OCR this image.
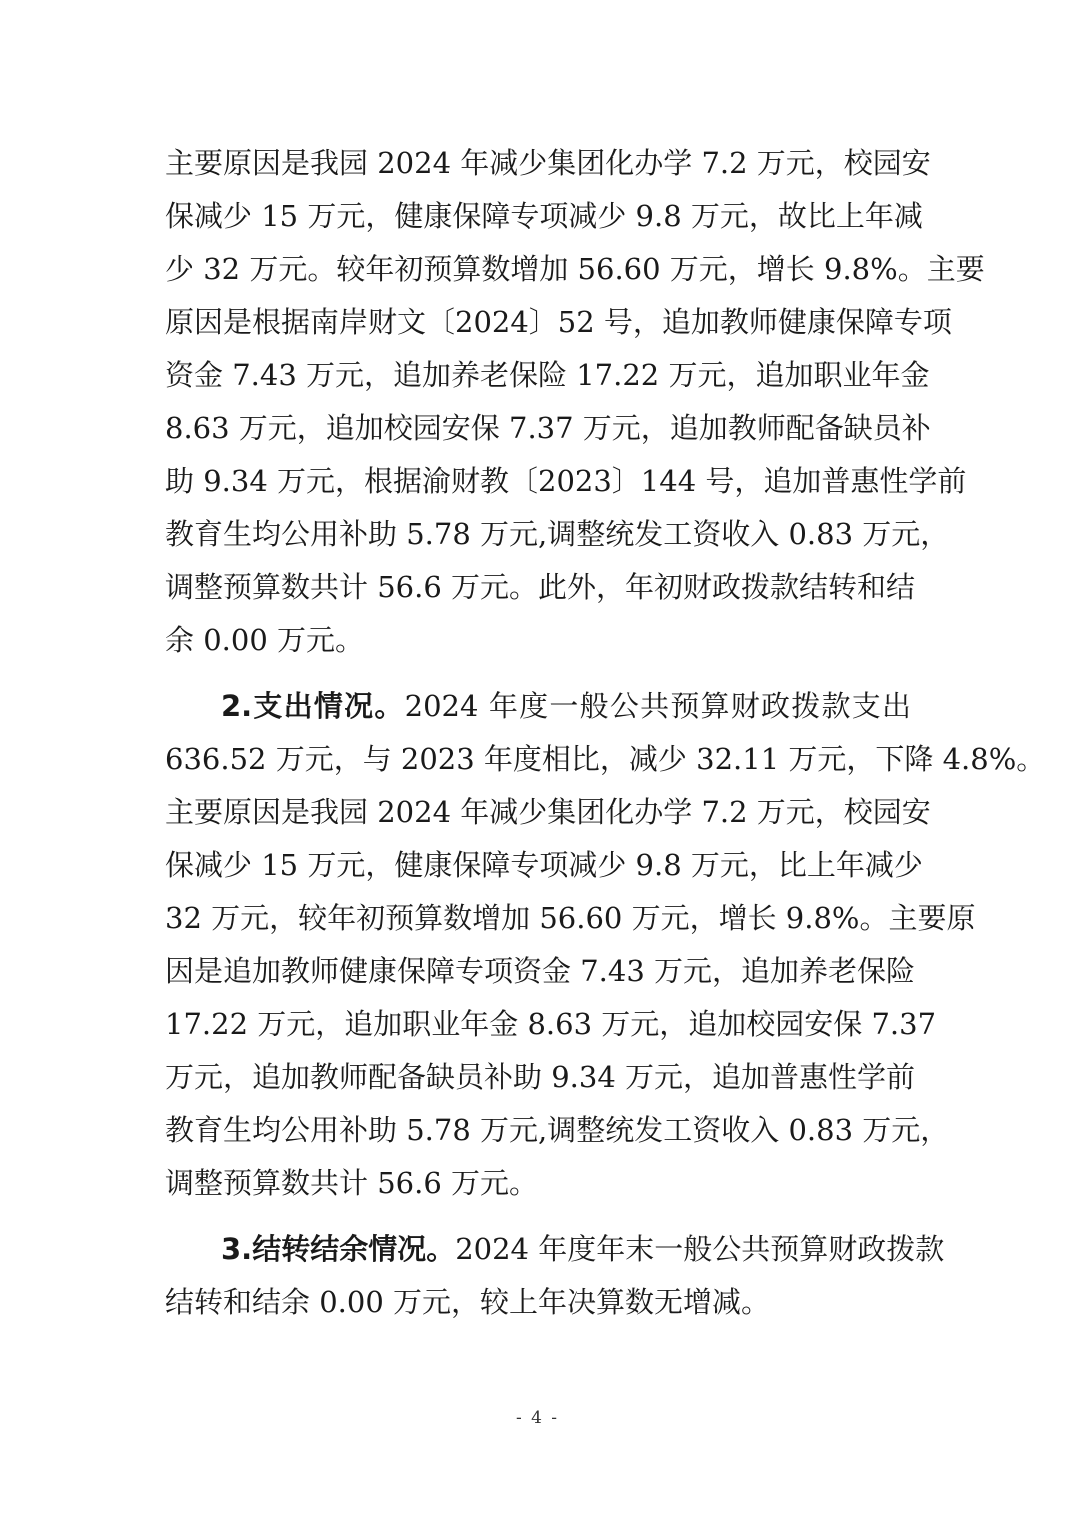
主要原因是我园 2024 年减少集团化办学 7.2 万元，校园安
保减少 15 万元，健康保障专项减少 9.8 万元，故比上年减
少 32 万元。较年初预算数增加 56.60 万元，增长 9.8%。主要
原因是根据南岸财文〔2024〕52 号，追加教师健康保障专项
资金 7.43 万元，追加养老保险 17.22 万元，追加职业年金
8.63 万元，追加校园安保 7.37 万元，追加教师配备缺员补
助 9.34 万元，根据渝财教〔2023〕144 号，追加普惠性学前
教育生均公用补助 5.78 万元,调整统发工资收入 0.83 万元，
调整预算数共计 56.6 万元。此外，年初财政拨款结转和结
余 0.00 万元。
2.支出情况。2024 年度一般公共预算财政拨款支出
636.52 万元，与 2023 年度相比，减少 32.11 万元，下降 4.8%。
主要原因是我园 2024 年减少集团化办学 7.2 万元，校园安
保减少 15 万元，健康保障专项减少 9.8 万元，比上年减少
32 万元，较年初预算数增加 56.60 万元，增长 9.8%。主要原
因是追加教师健康保障专项资金 7.43 万元，追加养老保险
17.22 万元，追加职业年金 8.63 万元，追加校园安保 7.37
万元，追加教师配备缺员补助 9.34 万元，追加普惠性学前
教育生均公用补助 5.78 万元,调整统发工资收入 0.83 万元，
调整预算数共计 56.6 万元。
3.结转结余情况。2024 年度年末一般公共预算财政拨款
结转和结余 0.00 万元，较上年决算数无增减。
- 4 -
